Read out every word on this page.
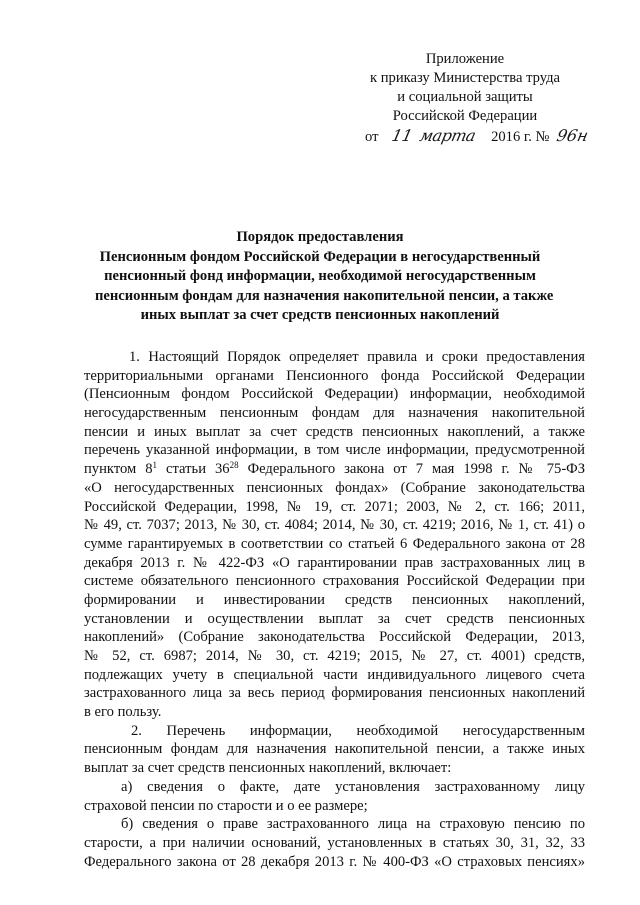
Приложение
к приказу Министерства труда
и социальной защиты
Российской Федерации
от 11 марта 2016 г. № 96н
Порядок предоставления
Пенсионным фондом Российской Федерации в негосударственный
пенсионный фонд информации, необходимой негосударственным
пенсионным фондам для назначения накопительной пенсии, а также
иных выплат за счет средств пенсионных накоплений
1. Настоящий Порядок определяет правила и сроки предоставления
территориальными органами Пенсионного фонда Российской Федерации
(Пенсионным фондом Российской Федерации) информации, необходимой
негосударственным пенсионным фондам для назначения накопительной
пенсии и иных выплат за счет средств пенсионных накоплений, а также
перечень указанной информации, в том числе информации, предусмотренной
пунктом $8^1$ статьи $36^{28}$ Федерального закона от 7 мая 1998 г. № 75-ФЗ
«О негосударственных пенсионных фондах» (Собрание законодательства
Российской Федерации, 1998, № 19, ст. 2071; 2003, № 2, ст. 166; 2011,
№ 49, ст. 7037; 2013, № 30, ст. 4084; 2014, № 30, ст. 4219; 2016, № 1, ст. 41) о
сумме гарантируемых в соответствии со статьей 6 Федерального закона от 28
декабря 2013 г. № 422-ФЗ «О гарантировании прав застрахованных лиц в
системе обязательного пенсионного страхования Российской Федерации при
формировании и инвестировании средств пенсионных накоплений,
установлении и осуществлении выплат за счет средств пенсионных
накоплений» (Собрание законодательства Российской Федерации, 2013,
№ 52, ст. 6987; 2014, № 30, ст. 4219; 2015, № 27, ст. 4001) средств,
подлежащих учету в специальной части индивидуального лицевого счета
застрахованного лица за весь период формирования пенсионных накоплений
в его пользу.
2. Перечень информации, необходимой негосударственным
пенсионным фондам для назначения накопительной пенсии, а также иных
выплат за счет средств пенсионных накоплений, включает:
а) сведения о факте, дате установления застрахованному лицу
страховой пенсии по старости и о ее размере;
б) сведения о праве застрахованного лица на страховую пенсию по
старости, а при наличии оснований, установленных в статьях 30, 31, 32, 33
Федерального закона от 28 декабря 2013 г. № 400-ФЗ «О страховых пенсиях»
